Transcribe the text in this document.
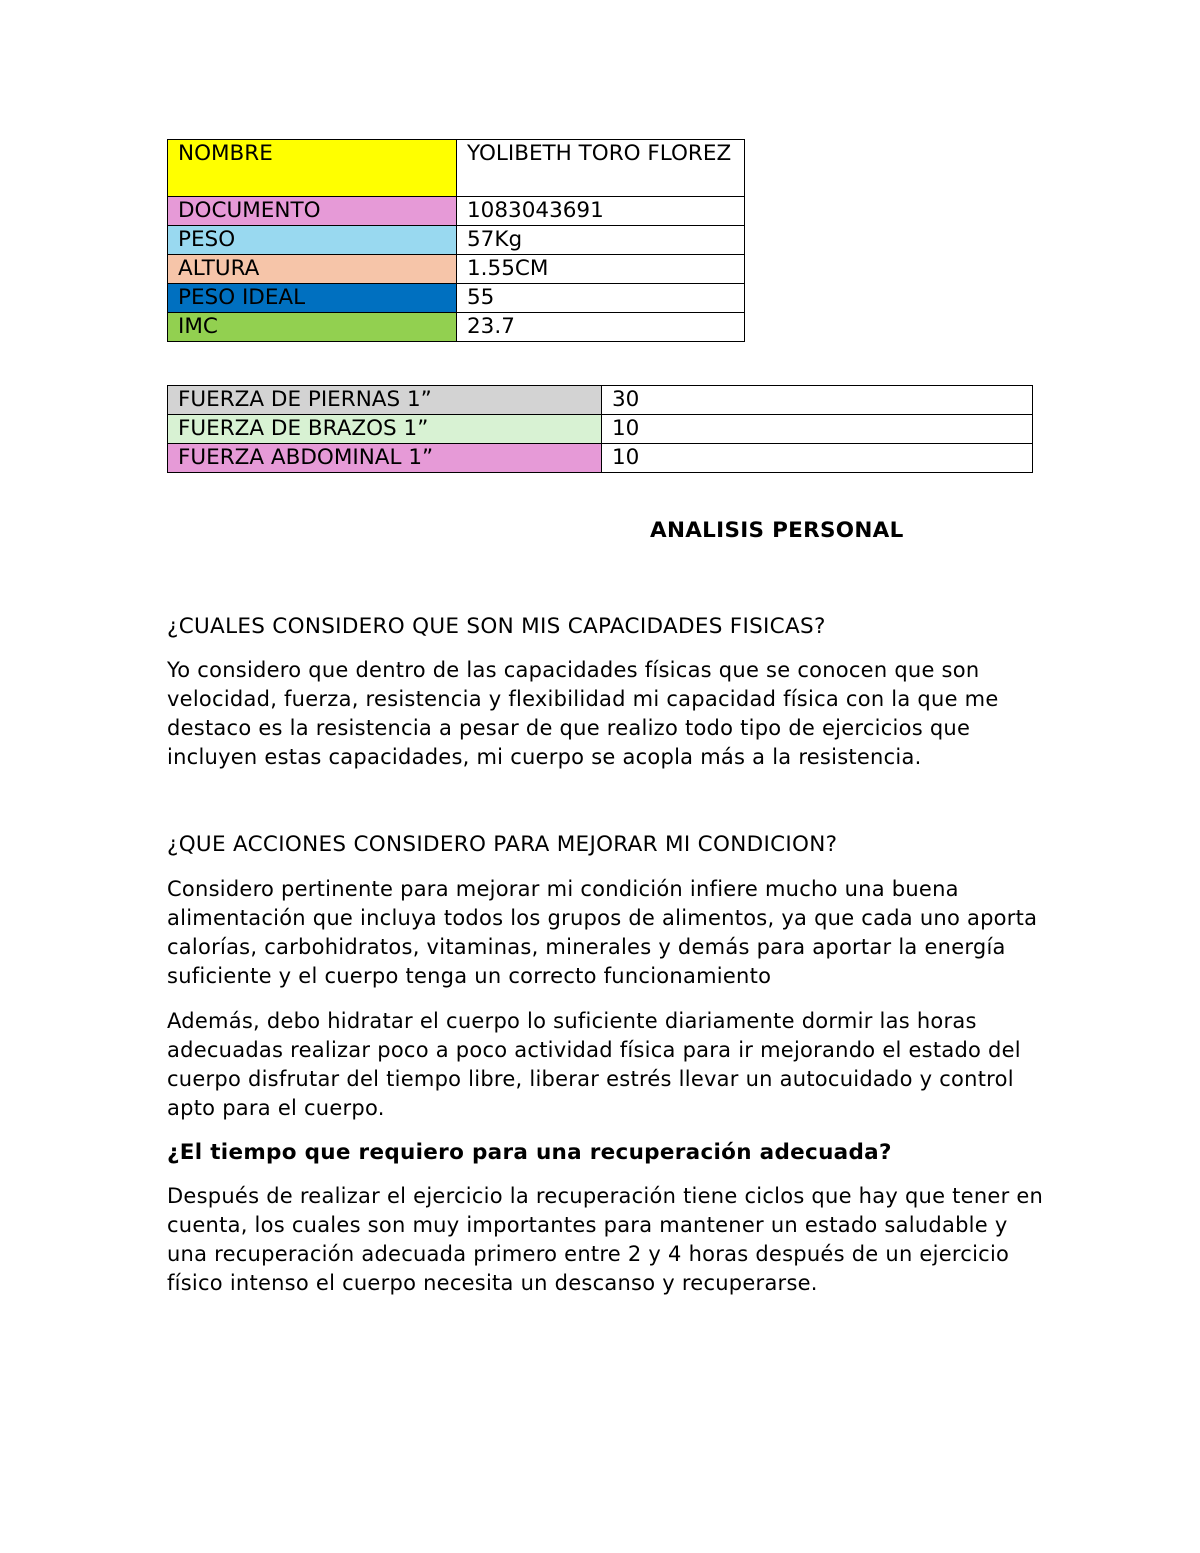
NOMBRE	YOLIBETH TORO FLOREZ
DOCUMENTO	1083043691
PESO	57Kg
ALTURA	1.55CM
PESO IDEAL	55
IMC	23.7
FUERZA DE PIERNAS 1”	30
FUERZA DE BRAZOS 1”	10
FUERZA ABDOMINAL 1”	10
ANALISIS PERSONAL

¿CUALES CONSIDERO QUE SON MIS CAPACIDADES FISICAS?

Yo considero que dentro de las capacidades físicas que se conocen que son velocidad, fuerza, resistencia y flexibilidad mi capacidad física con la que me destaco es la resistencia a pesar de que realizo todo tipo de ejercicios que incluyen estas capacidades, mi cuerpo se acopla más a la resistencia.

¿QUE ACCIONES CONSIDERO PARA MEJORAR MI CONDICION?

Considero pertinente para mejorar mi condición infiere mucho una buena alimentación que incluya todos los grupos de alimentos, ya que cada uno aporta calorías, carbohidratos, vitaminas, minerales y demás para aportar la energía suficiente y el cuerpo tenga un correcto funcionamiento

Además, debo hidratar el cuerpo lo suficiente diariamente dormir las horas adecuadas realizar poco a poco actividad física para ir mejorando el estado del cuerpo disfrutar del tiempo libre, liberar estrés llevar un autocuidado y control apto para el cuerpo.

¿El tiempo que requiero para una recuperación adecuada?

Después de realizar el ejercicio la recuperación tiene ciclos que hay que tener en cuenta, los cuales son muy importantes para mantener un estado saludable y una recuperación adecuada primero entre 2 y 4 horas después de un ejercicio físico intenso el cuerpo necesita un descanso y recuperarse.
